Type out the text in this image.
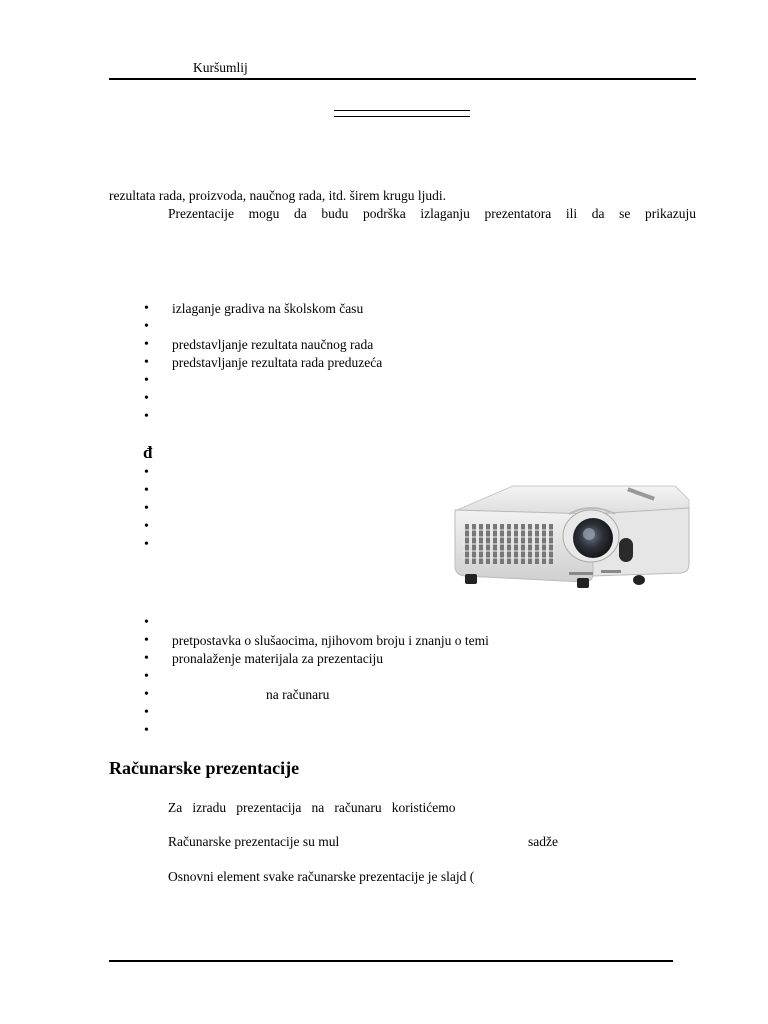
Kuršumlij
rezultata rada, proizvoda, naučnog rada, itd. širem krugu ljudi.
Prezentacije mogu da budu podrška izlaganju prezentatora ili da se prikazuju
• izlaganje gradiva na školskom času
•
• predstavljanje rezultata naučnog rada
• predstavljanje rezultata rada preduzeća
•
•
•
đ
•
•
•
•
•
•
• pretpostavka o slušaocima, njihovom broju i znanju o temi
• pronalaženje materijala za prezentaciju
•
•	na računaru
•
•
Računarske prezentacije
Za   izradu   prezentacija   na   računaru   koristićemo
Računarske prezentacije su mul	sadže
Osnovni element svake računarske prezentacije je slajd (
